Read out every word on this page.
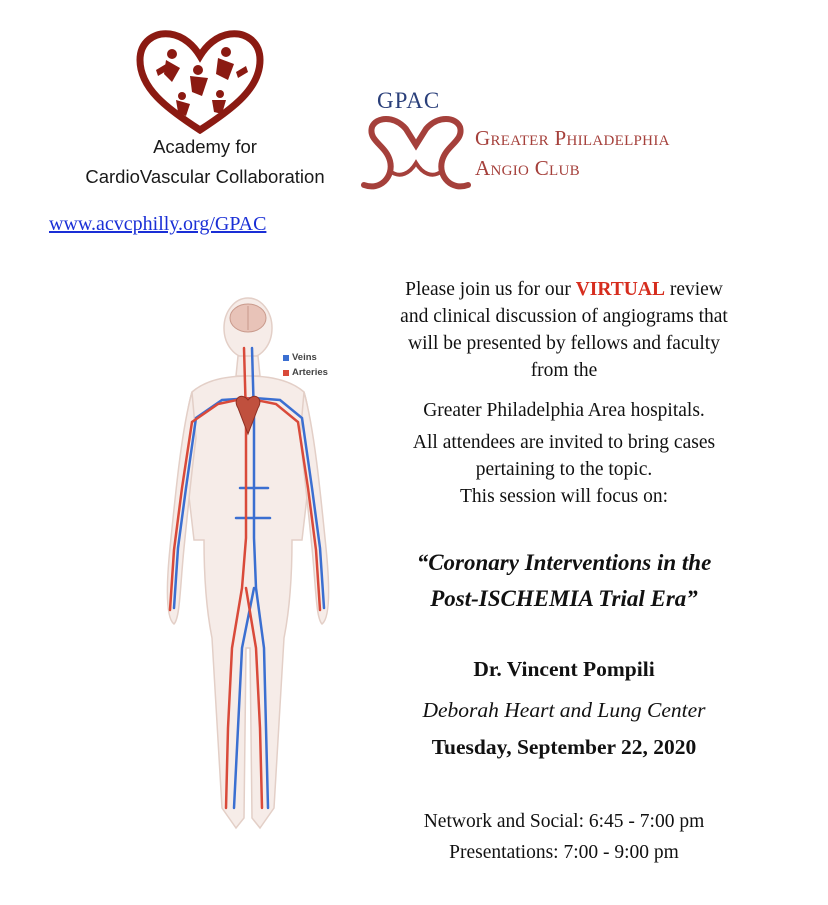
Academy for
CardioVascular Collaboration
GPAC
Greater Philadelphia
Angio Club
www.acvcphilly.org/GPAC
Veins
Arteries
Please join us for our VIRTUAL review
and clinical discussion of angiograms that
will be presented by fellows and faculty
from the
Greater Philadelphia Area hospitals.
All attendees are invited to bring cases
pertaining to the topic.
This session will focus on:
“Coronary Interventions in the
Post-ISCHEMIA Trial Era”
Dr. Vincent Pompili
Deborah Heart and Lung Center
Tuesday, September 22, 2020
Network and Social: 6:45 - 7:00 pm
Presentations: 7:00 - 9:00 pm
